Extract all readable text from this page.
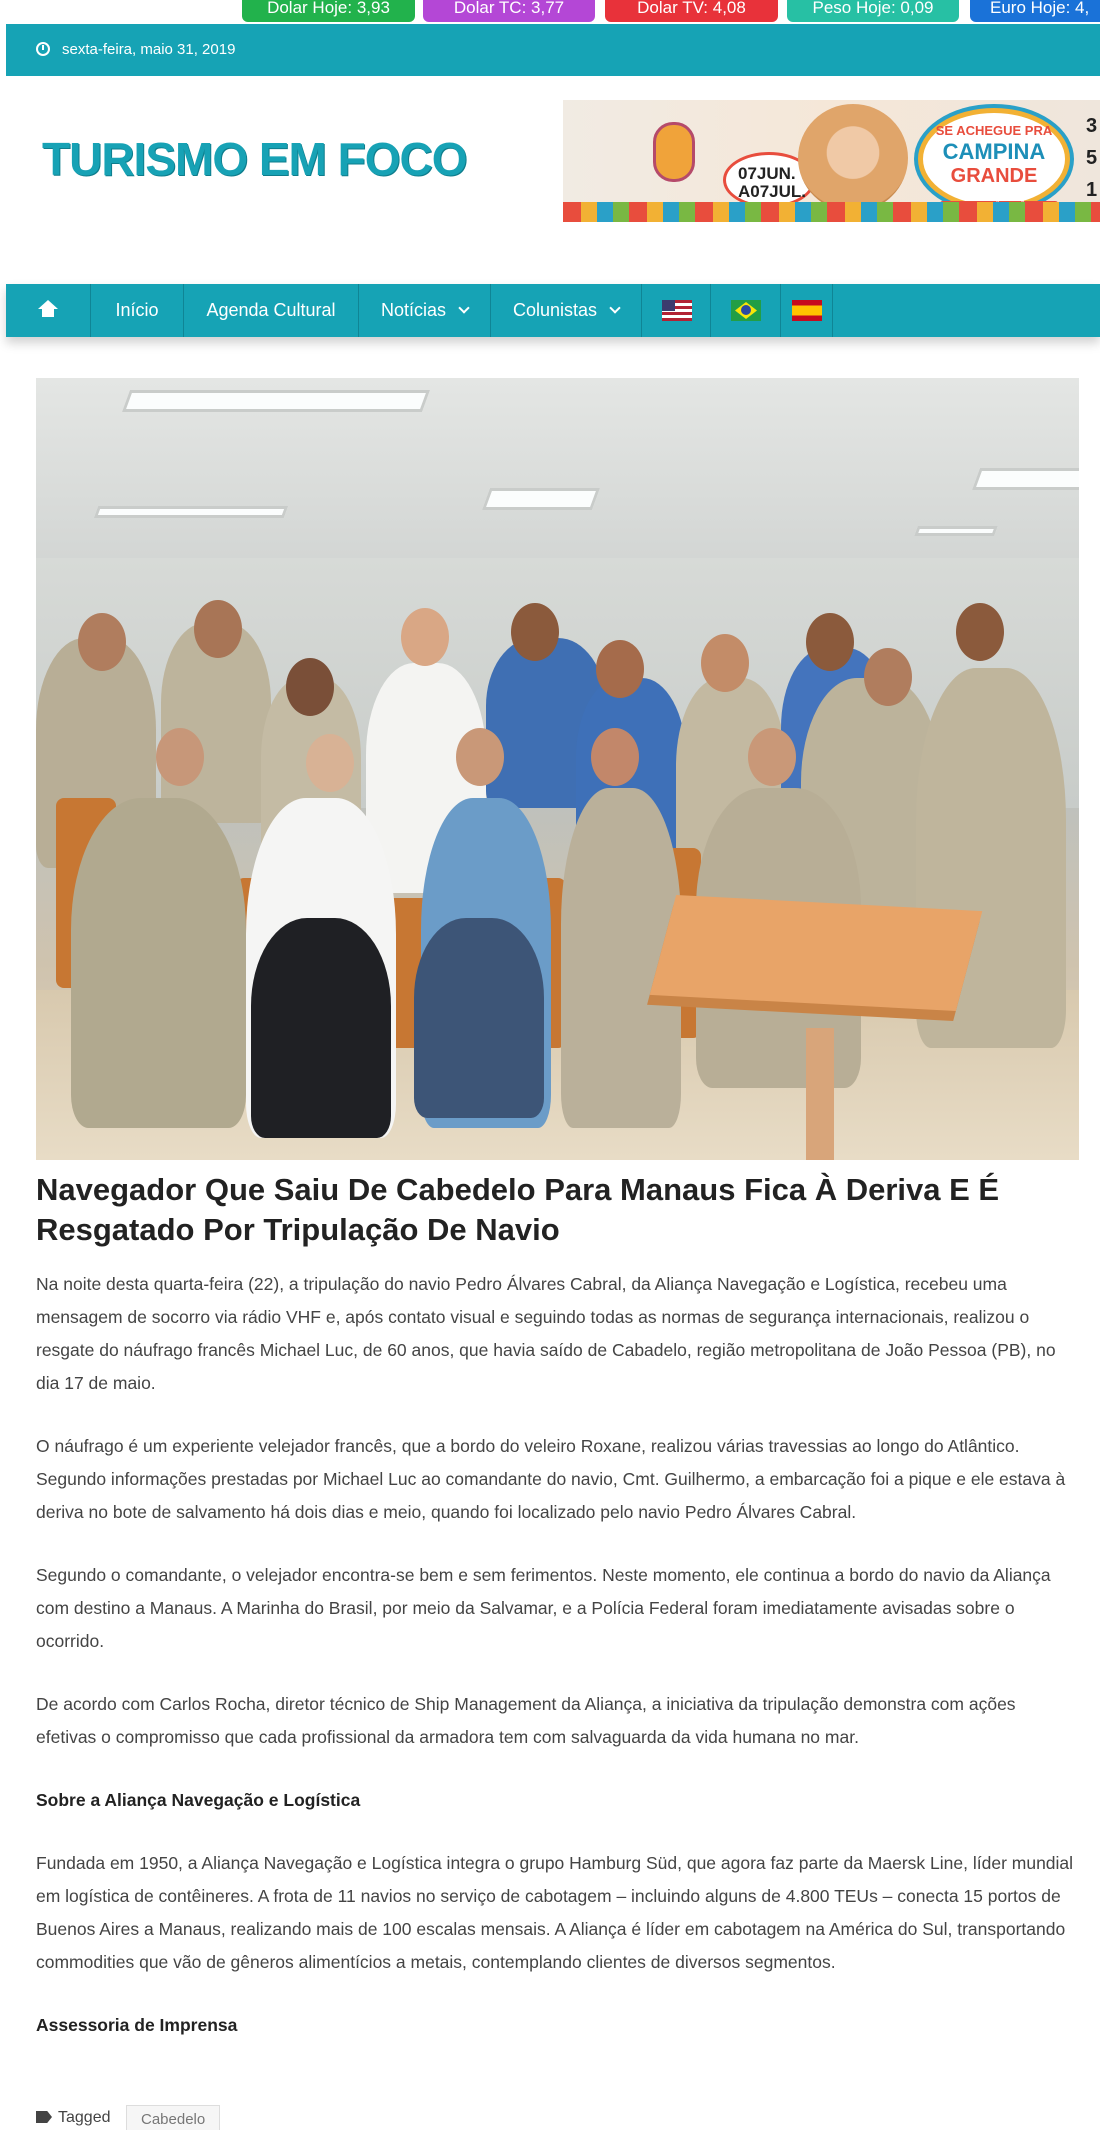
Dolar Hoje: 3,93	Dolar TC: 3,77	Dolar TV: 4,08	Peso Hoje: 0,09	Euro Hoje: 4,
sexta-feira, maio 31, 2019
TURISMO EM FOCO	07JUN.
A07JUL.
SE ACHEGUE PRA
CAMPINA
GRANDE
3
5
1
Início	Agenda Cultural	Notícias	Colunistas
Navegador Que Saiu De Cabedelo Para Manaus Fica À Deriva E É Resgatado Por Tripulação De Navio

Na noite desta quarta-feira (22), a tripulação do navio Pedro Álvares Cabral, da Aliança Navegação e Logística, recebeu uma mensagem de socorro via rádio VHF e, após contato visual e seguindo todas as normas de segurança internacionais, realizou o resgate do náufrago francês Michael Luc, de 60 anos, que havia saído de Cabadelo, região metropolitana de João Pessoa (PB), no dia 17 de maio.

O náufrago é um experiente velejador francês, que a bordo do veleiro Roxane, realizou várias travessias ao longo do Atlântico. Segundo informações prestadas por Michael Luc ao comandante do navio, Cmt. Guilhermo, a embarcação foi a pique e ele estava à deriva no bote de salvamento há dois dias e meio, quando foi localizado pelo navio Pedro Álvares Cabral.

Segundo o comandante, o velejador encontra-se bem e sem ferimentos. Neste momento, ele continua a bordo do navio da Aliança com destino a Manaus. A Marinha do Brasil, por meio da Salvamar, e a Polícia Federal foram imediatamente avisadas sobre o ocorrido.

De acordo com Carlos Rocha, diretor técnico de Ship Management da Aliança, a iniciativa da tripulação demonstra com ações efetivas o compromisso que cada profissional da armadora tem com salvaguarda da vida humana no mar.

Sobre a Aliança Navegação e Logística

Fundada em 1950, a Aliança Navegação e Logística integra o grupo Hamburg Süd, que agora faz parte da Maersk Line, líder mundial em logística de contêineres. A frota de 11 navios no serviço de cabotagem – incluindo alguns de 4.800 TEUs – conecta 15 portos de Buenos Aires a Manaus, realizando mais de 100 escalas mensais. A Aliança é líder em cabotagem na América do Sul, transportando commodities que vão de gêneros alimentícios a metais, contemplando clientes de diversos segmentos.

Assessoria de Imprensa

Tagged	Cabedelo
